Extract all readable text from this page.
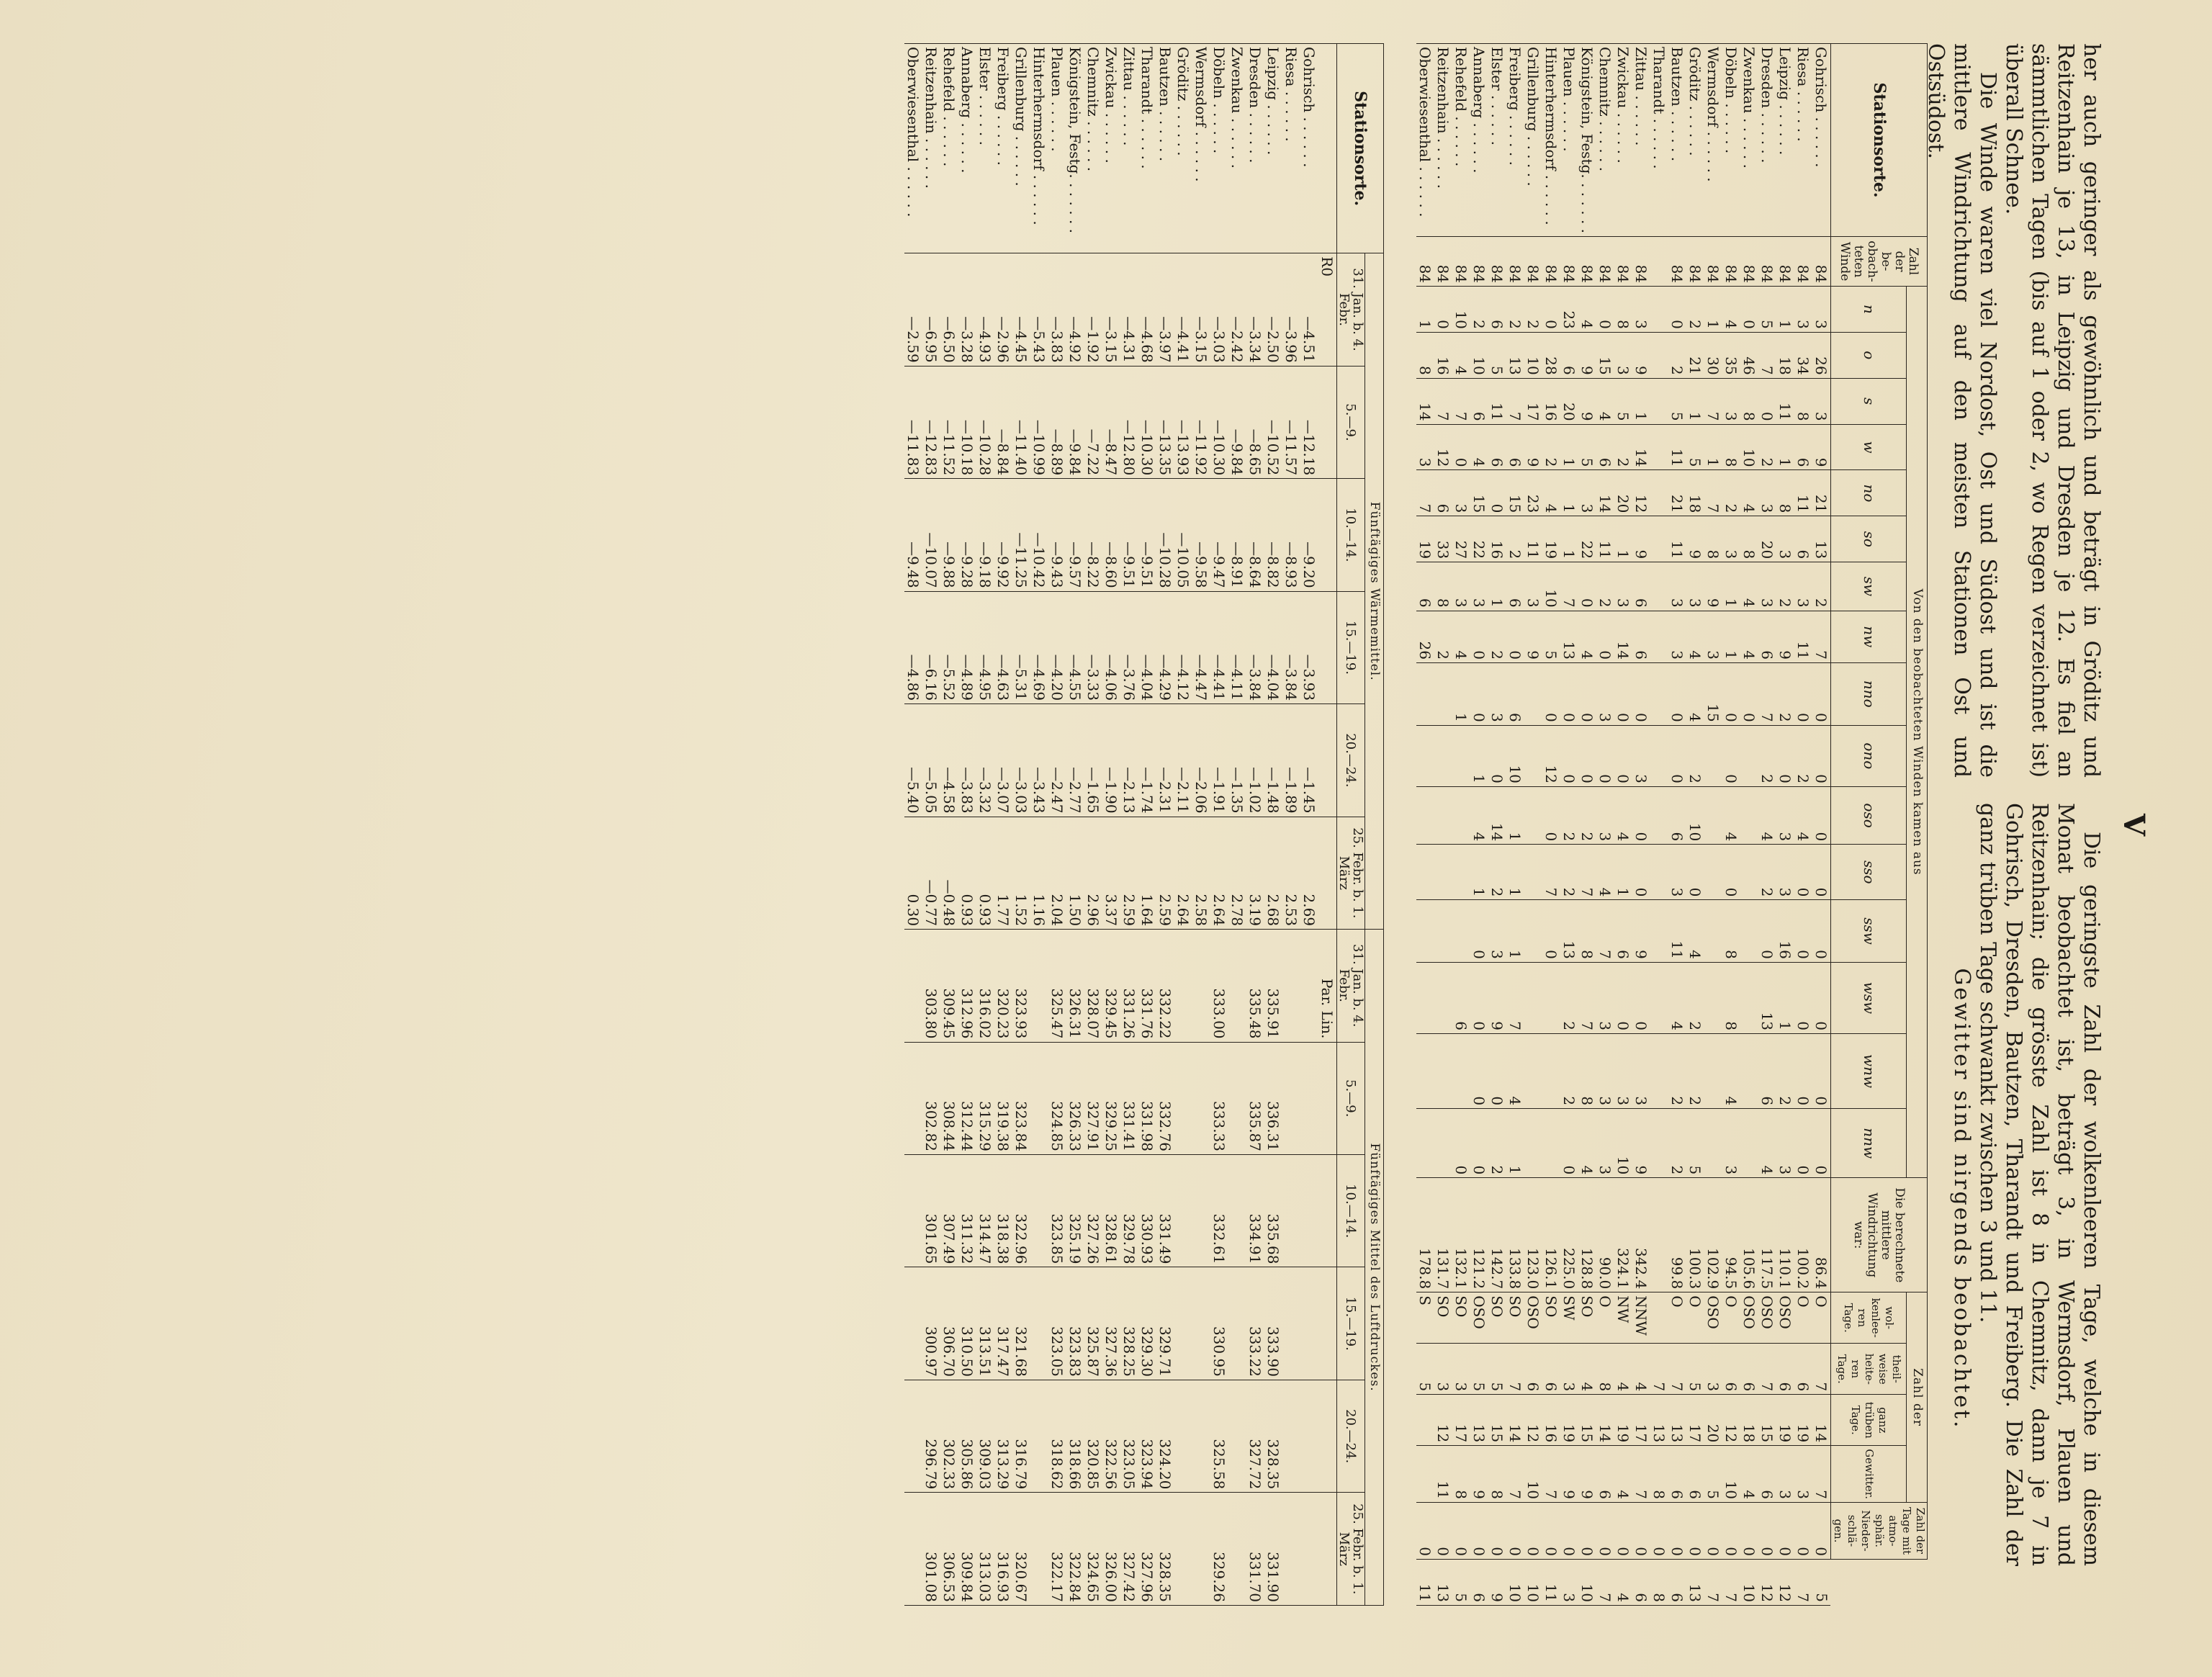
V

her auch geringer als gewöhnlich und beträgt in Gröditz und Reitzenhain je 13, in Leipzig und Dresden je 12. Es fiel an sämmtlichen Tagen (bis auf 1 oder 2, wo Regen verzeichnet ist) überall Schnee.

Die Winde waren viel Nordost, Ost und Südost und ist die mittlere Windrichtung auf den meisten Stationen Ost und Ostsüdost.

Die geringste Zahl der wolkenleeren Tage, welche in diesem Monat beobachtet ist, beträgt 3, in Wermsdorf, Plauen und Reitzenhain; die grösste Zahl ist 8 in Chemnitz, dann je 7 in Gohrisch, Dresden, Bautzen, Tharandt und Freiberg. Die Zahl der ganz trüben Tage schwankt zwischen 3 und 11.

Gewitter sind nirgends beobachtet.

Stationsorte.	Zahl der be-obach-teten Winde	Von den beobachteten Winden kamen aus																Die berechnete mittlere Windrichtung war:	Zahl der				Zahl der Tage mit atmo-sphär. Nieder-schlä-gen.	
		n	o	s	w	no	so	sw	nw	nno	ono	oso	sso	ssw	wsw	wnw	nnw		wol-kenlee-ren Tage.	theil-weise heite-ren Tage.	ganz trüben Tage.	Gewitter.		
Gohrisch . . . . . .	84	3	26	3	9	21	13	2	7	0	0	0	0	0	0	0	0	86.4	O	7	14	7	0	5
Riesa . . . . . .	84	3	34	8	6	11	6	3	11	0	2	4	0	0	0	0	0	100.2	O	6	19	3	0	7
Leipzig . . . . . .	84	1	18	11	1	8	3	2	9	2	0	3	3	16	1	2	3	110.1	OSO	6	19	3	0	12
Dresden . . . . . .	84	5	7	0	2	3	20	3	6	7	2	4	2	0	13	6	4	117.5	OSO	7	15	6	0	12
Zwenkau . . . . . .	84	0	46	8	10	4	8	4	4	0								105.6	OSO	6	18	4	0	10
Döbeln . . . . . .	84	4	35	3	8	2	3	1	1	0	0	4	0	8	8	4	3	94.5	O	6	12	10	0	7
Wermsdorf . . . . . .	84	1	30	7	1	7	8	9	3	15								102.9	OSO	3	20	5	0	7
Gröditz . . . . . .	84	2	21	1	5	18	9	3	4	4	2	10	0	4	2	2	5	100.3	O	5	17	6	0	13
Bautzen . . . . . .	84	0	2	5	11	21	11	3	3	0	0	6	3	11	4	2	2	99.8	O	7	13	6	0	6
Tharandt . . . . . .																				7	13	8	0	8
Zittau . . . . . .	84	3	9	1	14	12	9	6	6	0	3	0	0	9	0	3	9	342.4	NNW	4	17	7	0	6
Zwickau . . . . . .	84	8	3	5	2	20	1	3	14	0	0	4	1	6	0	3	10	324.1	NW	4	19	4	0	4
Chemnitz . . . . . .	84	0	15	4	6	14	11	2	0	3	0	3	4	7	3	3	3	90.0	O	8	14	6	0	7
Königstein, Festg. . . . . . .	84	4	9	9	5	3	22	0	4	0	0	2	7	8	7	8	4	128.8	SO	4	15	9	0	10
Plauen . . . . . .	84	23	6	20	1	1	1	7	13	0	0	2	2	13	2	2	0	225.0	SW	3	19	9	0	3
Hinterhermsdorf . . . . . .	84	0	28	16	2	4	19	10	5	0	12	0	7	0				126.1	SO	6	16	7	0	11
Grillenburg . . . . . .	84	2	10	17	9	23	11	3	9									123.0	OSO	6	12	10	0	10
Freiberg . . . . . .	84	2	13	7	6	15	2	6	0	6	10	1	1	1	7	4	1	133.8	SO	7	14	7	0	10
Elster . . . . . .	84	6	5	11	6	0	16	1	2	3	0	14	2	3	9	0	2	142.7	SO	5	15	8	0	9
Annaberg . . . . . .	84	2	10	6	4	15	22	3	0	0	1	4	1	0	0	0	0	121.2	OSO	5	13	9	0	6
Rehefeld . . . . . .	84	10	4	7	0	3	27	3	4	1					6		0	132.1	SO	3	17	8	0	5
Reitzenhain . . . . . .	84	0	16	7	12	6	33	8	2									131.7	SO	3	12	11	0	13
Oberwiesenthal . . . . . .	84	1	8	14	3	7	19	6	26									178.8	S	5			0	11
Stationsorte.	Fünftägiges Wärmemittel.						Fünftägiges Mittel des Luftdruckes.					
	31. Jan. b. 4. Febr.	5.—9.	10.—14.	15.—19.	20.—24.	25. Febr. b. 1. März	31. Jan. b. 4. Febr.	5.—9.	10.—14.	15.—19.	20.—24.	25. Febr. b. 1. März
	R0						Par. Lin.					
Gohrisch . . . . . .	—4.51	—12.18	—9.20	—3.93	—1.45	2.69						
Riesa . . . . . .	—3.96	—11.57	—8.93	—3.84	—1.89	2.53						
Leipzig . . . . . .	—2.50	—10.52	—8.82	—4.04	—1.48	2.68	335.91	336.31	335.68	333.90	328.35	331.90
Dresden . . . . . .	—3.34	—8.65	—8.64	—3.84	—1.02	3.19	335.48	335.87	334.91	333.22	327.72	331.70
Zwenkau . . . . . .	—2.42	—9.84	—8.91	—4.11	—1.35	2.78						
Döbeln . . . . . .	—3.03	—10.30	—9.47	—4.41	—1.91	2.64	333.00	333.33	332.61	330.95	325.58	329.26
Wermsdorf . . . . . .	—3.15	—11.92	—9.58	—4.47	—2.06	2.58						
Gröditz . . . . . .	—4.41	—13.93	—10.05	—4.12	—2.11	2.64						
Bautzen . . . . . .	—3.97	—13.35	—10.28	—4.29	—2.31	2.59	332.22	332.76	331.49	329.71	324.20	328.35
Tharandt . . . . . .	—4.68	—10.30	—9.51	—4.04	—1.74	1.64	331.76	331.98	330.93	329.30	323.94	327.96
Zittau . . . . . .	—4.31	—12.80	—9.51	—3.76	—2.13	2.59	331.26	331.41	329.78	328.25	323.05	327.42
Zwickau . . . . . .	—3.15	—8.47	—8.60	—4.06	—1.90	3.37	329.45	329.25	328.61	327.36	322.56	326.00
Chemnitz . . . . . .	—1.92	—7.22	—8.22	—3.33	—1.65	2.96	328.07	327.91	327.26	325.87	320.85	324.65
Königstein, Festg. . . . . . .	—4.92	—9.84	—9.57	—4.55	—2.77	1.50	326.31	326.33	325.19	323.83	318.66	322.84
Plauen . . . . . .	—3.83	—8.89	—9.43	—4.20	—2.47	2.04	325.47	324.85	323.85	323.05	318.62	322.17
Hinterhermsdorf . . . . . .	—5.43	—10.99	—10.42	—4.69	—3.43	1.16						
Grillenburg . . . . . .	—4.45	—11.40	—11.25	—5.31	—3.03	1.52	323.93	323.84	322.96	321.68	316.79	320.67
Freiberg . . . . . .	—2.96	—8.84	—9.92	—4.63	—3.07	1.77	320.23	319.38	318.38	317.47	313.29	316.93
Elster . . . . . .	—4.93	—10.28	—9.18	—4.95	—3.32	0.93	316.02	315.29	314.47	313.51	309.03	313.03
Annaberg . . . . . .	—3.28	—10.18	—9.28	—4.89	—3.83	0.93	312.96	312.44	311.32	310.50	305.86	309.84
Rehefeld . . . . . .	—6.50	—11.52	—9.88	—5.52	—4.58	—0.48	309.45	308.44	307.49	306.70	302.33	306.53
Reitzenhain . . . . . .	—6.95	—12.83	—10.07	—6.16	—5.05	—0.77	303.80	302.82	301.65	300.97	296.79	301.08
Oberwiesenthal . . . . . .	—2.59	—11.83	—9.48	—4.86	—5.40	0.30						
